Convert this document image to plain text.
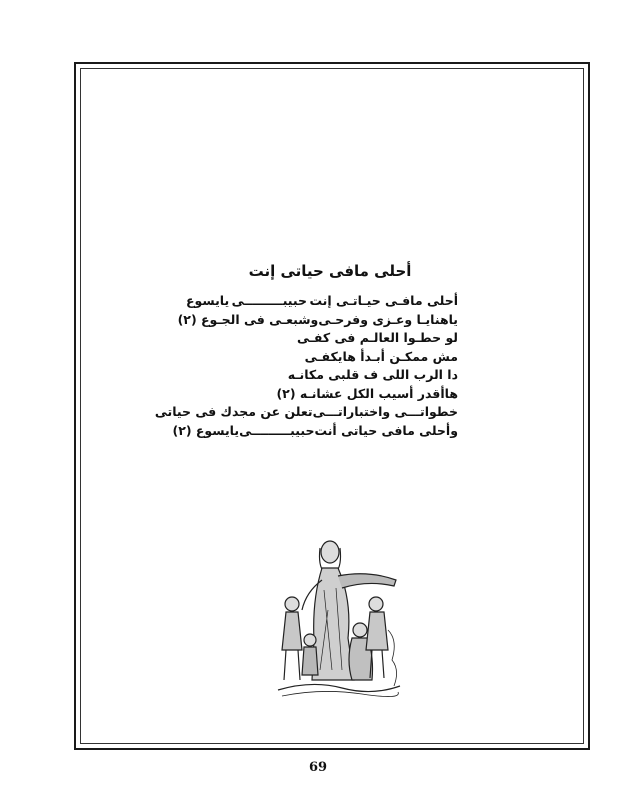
أحلى مافى حياتى إنت
أحلى مافـى حيـاتـى إنت
حبيبـــــــــى
يايسوع
ياهنايـا وعـزى وفرحـى
وشبعـى فى الجـوع (٢)
لو حطـوا العالـم فى كفـى
مش ممكـن أبـدأ هايكفـى
دا الرب اللى ف قلبى مكانـه
هاأقدر أسيب الكل عشانـه (٢)
خطواتـــى واختباراتـــى
تعلن عن مجدك فى حياتى
وأحلى مافى حياتى أنت
حبيبـــــــــى
يايسوع (٢)
69
